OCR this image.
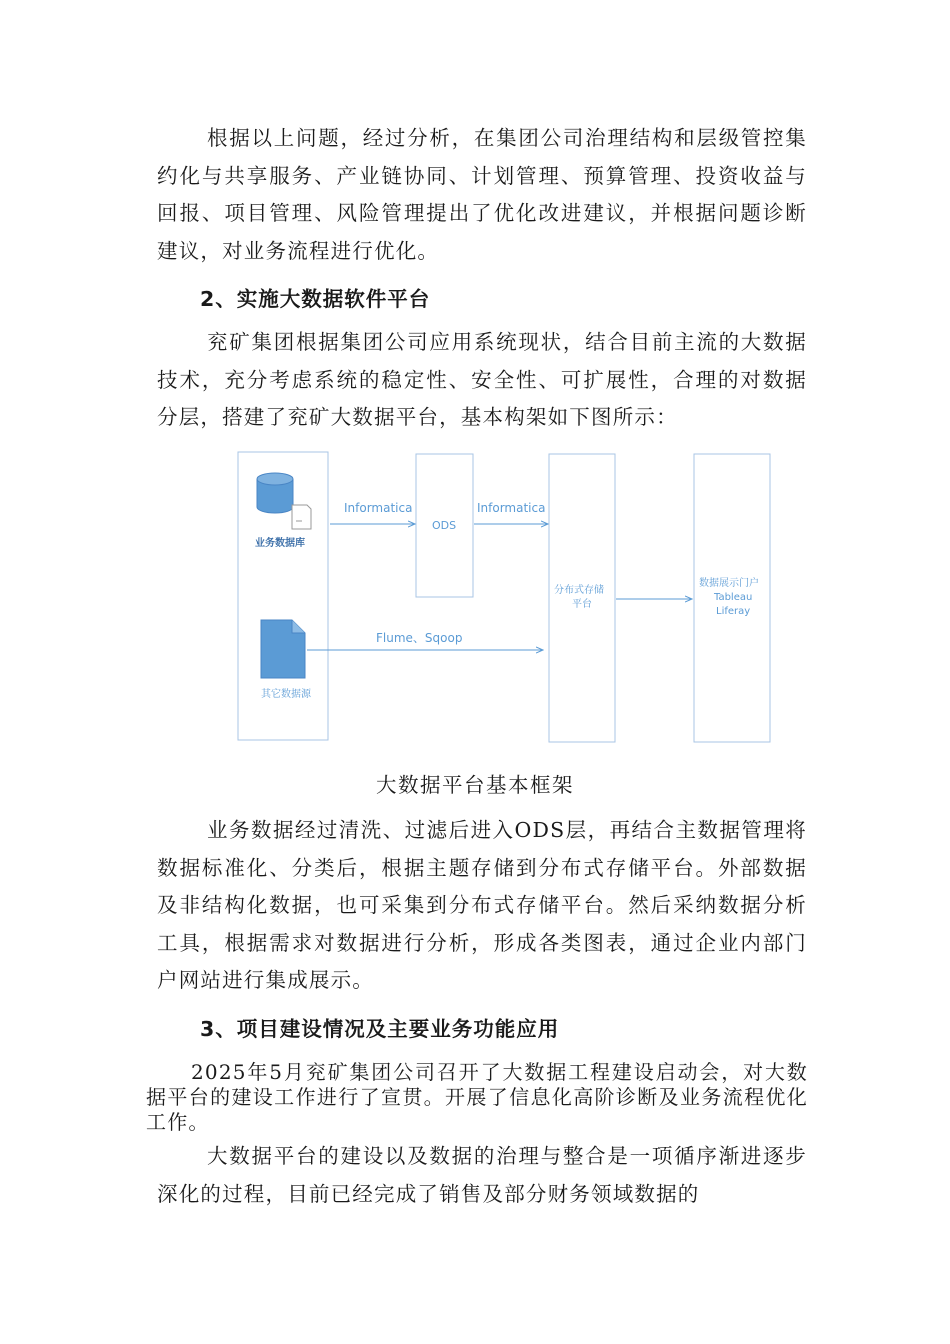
根据以上问题，经过分析，在集团公司治理结构和层级管控集约化与共享服务、产业链协同、计划管理、预算管理、投资收益与回报、项目管理、风险管理提出了优化改进建议，并根据问题诊断建议，对业务流程进行优化。

2、实施大数据软件平台

兖矿集团根据集团公司应用系统现状，结合目前主流的大数据技术，充分考虑系统的稳定性、安全性、可扩展性，合理的对数据分层，搭建了兖矿大数据平台，基本构架如下图所示：

业务数据库
其它数据源
ODS
分布式存储
平台
数据展示门户
Tableau
Liferay
Informatica	Informatica
Flume、Sqoop

大数据平台基本框架

业务数据经过清洗、过滤后进入ODS层，再结合主数据管理将数据标准化、分类后，根据主题存储到分布式存储平台。外部数据及非结构化数据，也可采集到分布式存储平台。然后采纳数据分析工具，根据需求对数据进行分析，形成各类图表，通过企业内部门户网站进行集成展示。

3、项目建设情况及主要业务功能应用

2025年5月兖矿集团公司召开了大数据工程建设启动会，对大数据平台的建设工作进行了宣贯。开展了信息化高阶诊断及业务流程优化工作。

大数据平台的建设以及数据的治理与整合是一项循序渐进逐步深化的过程，目前已经完成了销售及部分财务领域数据的
